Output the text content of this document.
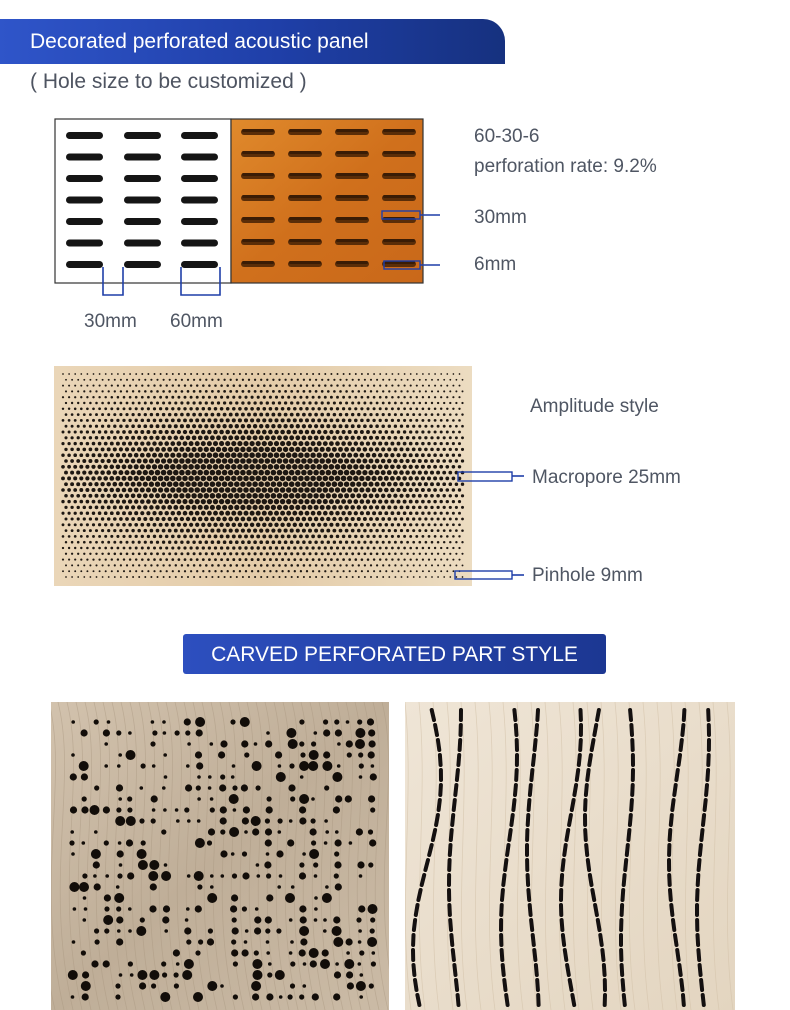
Decorated perforated acoustic panel
( Hole size to be customized )
60-30-6
perforation rate: 9.2%
30mm
6mm
30mm 60mm
Amplitude style
Macropore 25mm
Pinhole 9mm
CARVED PERFORATED PART STYLE
